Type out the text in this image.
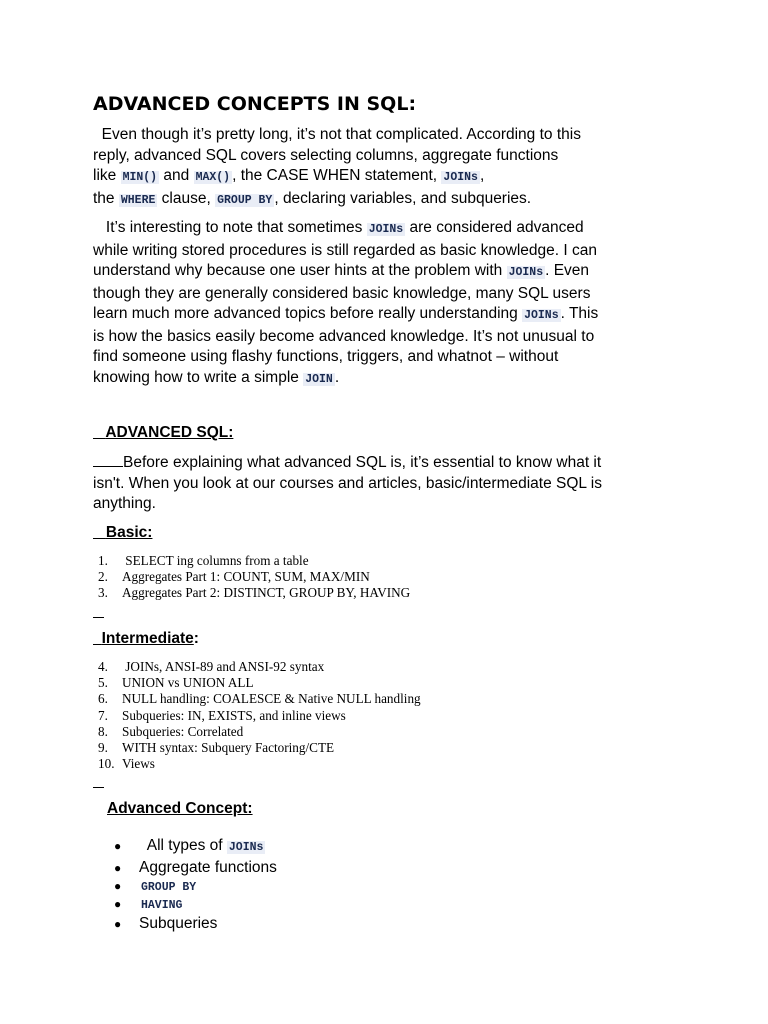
ADVANCED CONCEPTS IN SQL:

Even though it’s pretty long, it’s not that complicated. According to this
reply, advanced SQL covers selecting columns, aggregate functions
like MIN() and MAX() , the CASE WHEN statement, JOINs ,
the WHERE clause, GROUP BY , declaring variables, and subqueries.

It’s interesting to note that sometimes JOINs are considered advanced
while writing stored procedures is still regarded as basic knowledge. I can
understand why because one user hints at the problem with JOINs . Even
though they are generally considered basic knowledge, many SQL users
learn much more advanced topics before really understanding JOINs . This
is how the basics easily become advanced knowledge. It’s not unusual to
find someone using flashy functions, triggers, and whatnot – without
knowing how to write a simple JOIN .

ADVANCED SQL:

Before explaining what advanced SQL is, it’s essential to know what it
isn't. When you look at our courses and articles, basic/intermediate SQL is
anything.

Basic:
1. SELECT ing columns from a table
2. Aggregates Part 1: COUNT, SUM, MAX/MIN
3. Aggregates Part 2: DISTINCT, GROUP BY, HAVING
Intermediate:
4. JOINs, ANSI-89 and ANSI-92 syntax
5. UNION vs UNION ALL
6. NULL handling: COALESCE & Native NULL handling
7. Subqueries: IN, EXISTS, and inline views
8. Subqueries: Correlated
9. WITH syntax: Subquery Factoring/CTE
10. Views
Advanced Concept:
● All types of JOINs
● Aggregate functions
● GROUP BY
● HAVING
● Subqueries
